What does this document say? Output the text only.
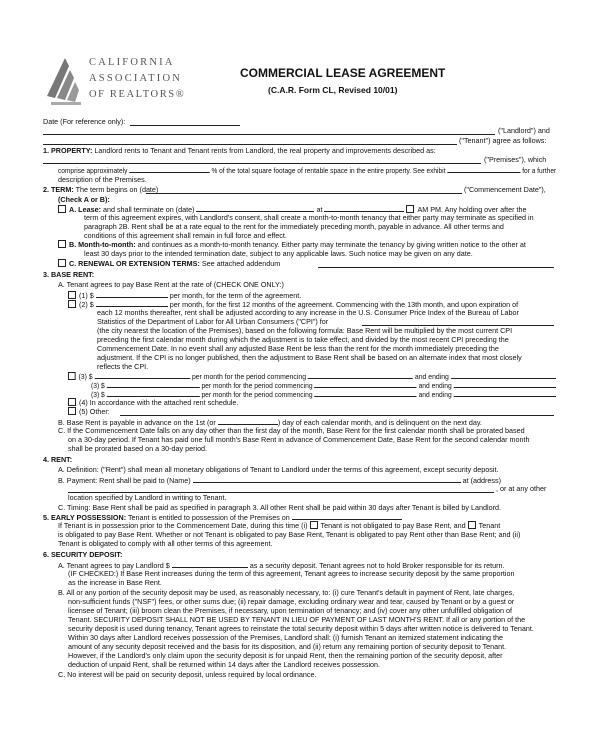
CALIFORNIA
ASSOCIATION
OF REALTORS®
COMMERCIAL LEASE AGREEMENT
(C.A.R. Form CL, Revised 10/01)
Date (For reference only):
("Landlord") and
("Tenant") agree as follows:
1. PROPERTY: Landlord rents to Tenant and Tenant rents from Landlord, the real property and improvements described as:
("Premises"), which
comprise approximately	% of the total square footage of rentable space in the entire property. See exhibit	for a further
description of the Premises.
2. TERM: The term begins on (date)	("Commencement Date"),
(Check A or B):
A. Lease: and shall terminate on (date)	at	AM PM. Any holding over after the
term of this agreement expires, with Landlord's consent, shall create a month-to-month tenancy that either party may terminate as specified in
paragraph 2B. Rent shall be at a rate equal to the rent for the immediately preceding month, payable in advance. All other terms and
conditions of this agreement shall remain in full force and effect.
B. Month-to-month: and continues as a month-to-month tenancy. Either party may terminate the tenancy by giving written notice to the other at
least 30 days prior to the intended termination date, subject to any applicable laws. Such notice may be given on any date.
C. RENEWAL OR EXTENSION TERMS: See attached addendum
3. BASE RENT:
A. Tenant agrees to pay Base Rent at the rate of (CHECK ONE ONLY:)
(1) $	per month, for the term of the agreement.
(2) $	per month, for the first 12 months of the agreement. Commencing with the 13th month, and upon expiration of
each 12 months thereafter, rent shall be adjusted according to any increase in the U.S. Consumer Price Index of the Bureau of Labor
Statistics of the Department of Labor for All Urban Consumers ("CPI") for
(the city nearest the location of the Premises), based on the following formula: Base Rent will be multiplied by the most current CPI
preceding the first calendar month during which the adjustment is to take effect, and divided by the most recent CPI preceding the
Commencement Date. In no event shall any adjusted Base Rent be less than the rent for the month immediately preceding the
adjustment. If the CPI is no longer published, then the adjustment to Base Rent shall be based on an alternate index that most closely
reflects the CPI.
(3) $	per month for the period commencing	and ending
(3) $	per month for the period commencing	and ending
(3) $	per month for the period commencing	and ending
(4) In accordance with the attached rent schedule.
(5) Other:
B. Base Rent is payable in advance on the 1st (or	) day of each calendar month, and is delinquent on the next day.
C. If the Commencement Date falls on any day other than the first day of the month, Base Rent for the first calendar month shall be prorated based
on a 30-day period. If Tenant has paid one full month's Base Rent in advance of Commencement Date, Base Rent for the second calendar month
shall be prorated based on a 30-day period.
4. RENT:
A. Definition: ("Rent") shall mean all monetary obligations of Tenant to Landlord under the terms of this agreement, except security deposit.
B. Payment: Rent shall be paid to (Name)	at (address)
, or at any other
location specified by Landlord in writing to Tenant.
C. Timing: Base Rent shall be paid as specified in paragraph 3. All other Rent shall be paid within 30 days after Tenant is billed by Landlord.
5. EARLY POSSESSION: Tenant is entitled to possession of the Premises on
If Tenant is in possession prior to the Commencement Date, during this time (i) Tenant is not obligated to pay Base Rent, and Tenant
is obligated to pay Base Rent. Whether or not Tenant is obligated to pay Base Rent, Tenant is obligated to pay Rent other than Base Rent; and (ii)
Tenant is obligated to comply with all other terms of this agreement.
6. SECURITY DEPOSIT:
A. Tenant agrees to pay Landlord $	as a security deposit. Tenant agrees not to hold Broker responsible for its return.
(IF CHECKED:) If Base Rent increases during the term of this agreement, Tenant agrees to increase security deposit by the same proportion
as the increase in Base Rent.
B. All or any portion of the security deposit may be used, as reasonably necessary, to: (i) cure Tenant's default in payment of Rent, late charges,
non-sufficient funds ("NSF") fees, or other sums due; (ii) repair damage, excluding ordinary wear and tear, caused by Tenant or by a guest or
licensee of Tenant; (iii) broom clean the Premises, if necessary, upon termination of tenancy; and (iv) cover any other unfulfilled obligation of
Tenant. SECURITY DEPOSIT SHALL NOT BE USED BY TENANT IN LIEU OF PAYMENT OF LAST MONTH'S RENT. If all or any portion of the
security deposit is used during tenancy, Tenant agrees to reinstate the total security deposit within 5 days after written notice is delivered to Tenant.
Within 30 days after Landlord receives possession of the Premises, Landlord shall: (i) furnish Tenant an itemized statement indicating the
amount of any security deposit received and the basis for its disposition, and (ii) return any remaining portion of security deposit to Tenant.
However, if the Landlord's only claim upon the security deposit is for unpaid Rent, then the remaining portion of the security deposit, after
deduction of unpaid Rent, shall be returned within 14 days after the Landlord receives possession.
C. No interest will be paid on security deposit, unless required by local ordinance.
